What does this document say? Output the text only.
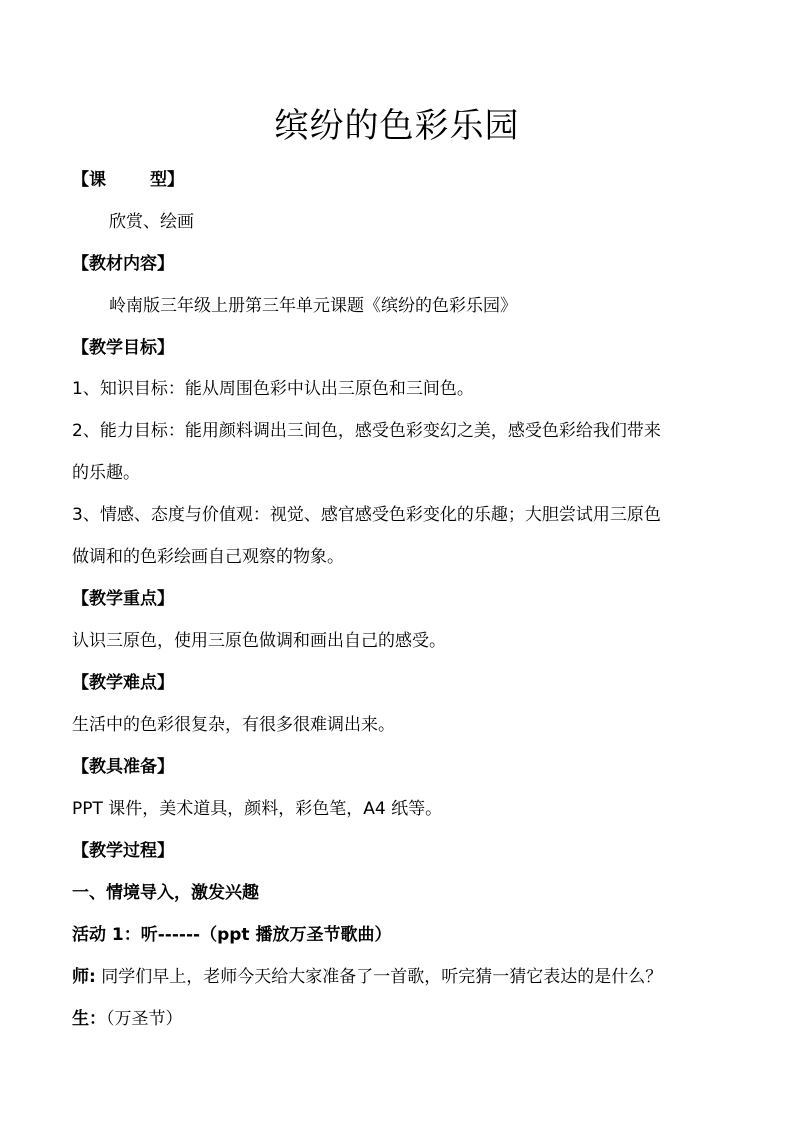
缤纷的色彩乐园
【课	型】
欣赏、绘画
【教材内容】
岭南版三年级上册第三年单元课题《缤纷的色彩乐园》
【教学目标】
1、知识目标：能从周围色彩中认出三原色和三间色。
2、能力目标：能用颜料调出三间色，感受色彩变幻之美，感受色彩给我们带来
的乐趣。
3、情感、态度与价值观：视觉、感官感受色彩变化的乐趣；大胆尝试用三原色
做调和的色彩绘画自己观察的物象。
【教学重点】
认识三原色，使用三原色做调和画出自己的感受。
【教学难点】
生活中的色彩很复杂，有很多很难调出来。
【教具准备】
PPT 课件，美术道具，颜料，彩色笔，A4 纸等。
【教学过程】
一、情境导入，激发兴趣
活动 1：听------（ppt 播放万圣节歌曲）
师: 同学们早上，老师今天给大家准备了一首歌，听完猜一猜它表达的是什么？
生：（万圣节）
